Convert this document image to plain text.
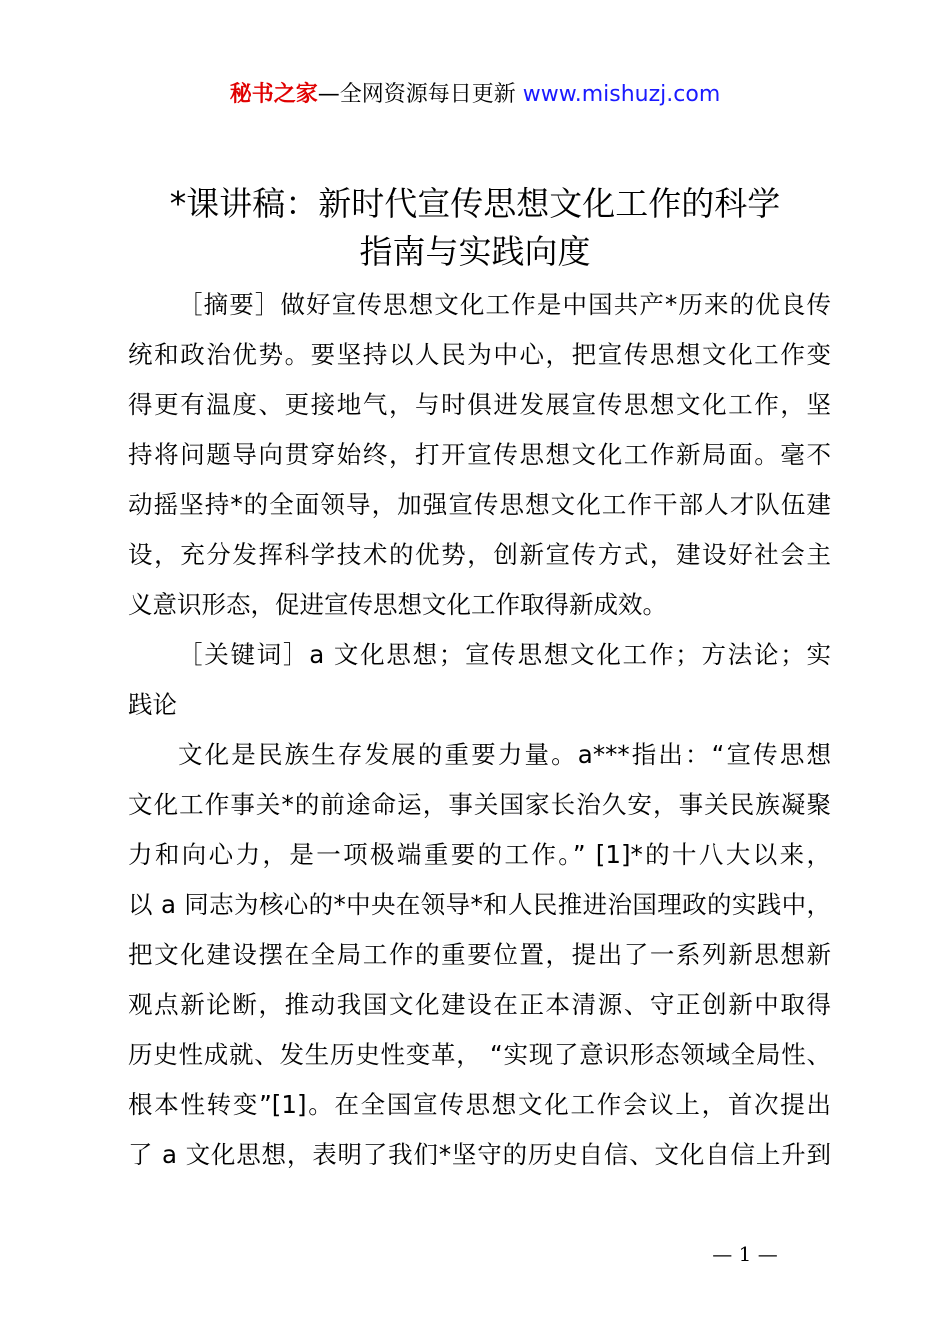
秘书之家—全网资源每日更新 www.mishuzj.com
*课讲稿：新时代宣传思想文化工作的科学
指南与实践向度
［摘要］做好宣传思想文化工作是中国共产*历来的优良传
统和政治优势。要坚持以人民为中心，把宣传思想文化工作变
得更有温度、更接地气，与时俱进发展宣传思想文化工作，坚
持将问题导向贯穿始终，打开宣传思想文化工作新局面。毫不
动摇坚持*的全面领导，加强宣传思想文化工作干部人才队伍建
设，充分发挥科学技术的优势，创新宣传方式，建设好社会主
义意识形态，促进宣传思想文化工作取得新成效。
［关键词］a 文化思想；宣传思想文化工作；方法论；实
践论
文化是民族生存发展的重要力量。a***指出：“宣传思想
文化工作事关*的前途命运，事关国家长治久安，事关民族凝聚
力和向心力，是一项极端重要的工作。” [1]*的十八大以来，
以 a 同志为核心的*中央在领导*和人民推进治国理政的实践中，
把文化建设摆在全局工作的重要位置，提出了一系列新思想新
观点新论断，推动我国文化建设在正本清源、守正创新中取得
历史性成就、发生历史性变革， “实现了意识形态领域全局性、
根本性转变”[1]。在全国宣传思想文化工作会议上，首次提出
了 a 文化思想，表明了我们*坚守的历史自信、文化自信上升到
— 1 —
